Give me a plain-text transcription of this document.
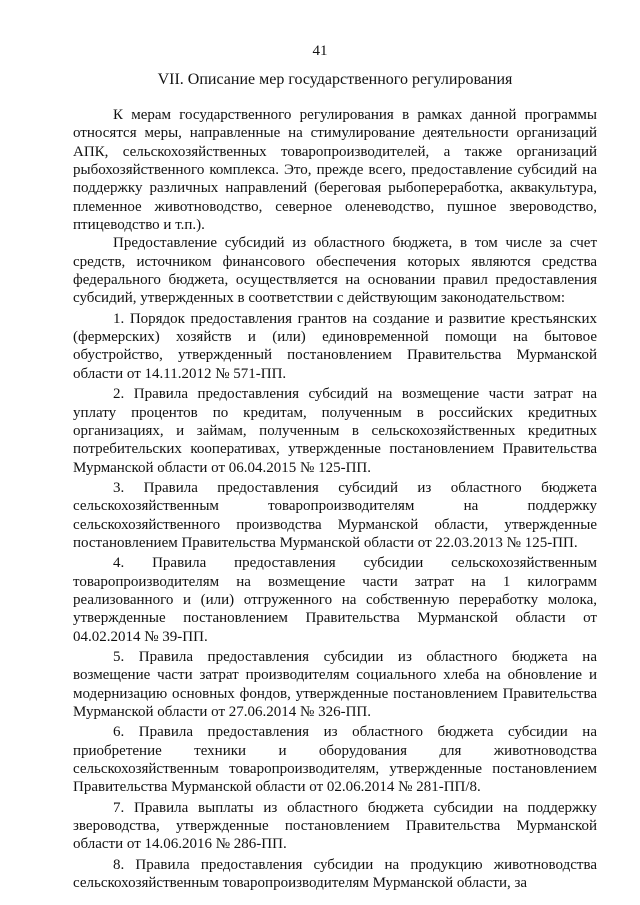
41
VII. Описание мер государственного регулирования

К мерам государственного регулирования в рамках данной программы относятся меры, направленные на стимулирование деятельности организаций АПК, сельскохозяйственных товаропроизводителей, а также организаций рыбохозяйственного комплекса. Это, прежде всего, предоставление субсидий на поддержку различных направлений (береговая рыбопереработка, аквакультура, племенное животноводство, северное оленеводство, пушное звероводство, птицеводство и т.п.).

Предоставление субсидий из областного бюджета, в том числе за счет средств, источником финансового обеспечения которых являются средства федерального бюджета, осуществляется на основании правил предоставления субсидий, утвержденных в соответствии с действующим законодательством:

1. Порядок предоставления грантов на создание и развитие крестьянских (фермерских) хозяйств и (или) единовременной помощи на бытовое обустройство, утвержденный постановлением Правительства Мурманской области от 14.11.2012 № 571-ПП.

2. Правила предоставления субсидий на возмещение части затрат на уплату процентов по кредитам, полученным в российских кредитных организациях, и займам, полученным в сельскохозяйственных кредитных потребительских кооперативах, утвержденные постановлением Правительства Мурманской области от 06.04.2015 № 125-ПП.

3. Правила предоставления субсидий из областного бюджета сельскохозяйственным товаропроизводителям на поддержку сельскохозяйственного производства Мурманской области, утвержденные постановлением Правительства Мурманской области от 22.03.2013 № 125-ПП.

4. Правила предоставления субсидии сельскохозяйственным товаропроизводителям на возмещение части затрат на 1 килограмм реализованного и (или) отгруженного на собственную переработку молока, утвержденные постановлением Правительства Мурманской области от 04.02.2014 № 39-ПП.

5. Правила предоставления субсидии из областного бюджета на возмещение части затрат производителям социального хлеба на обновление и модернизацию основных фондов, утвержденные постановлением Правительства Мурманской области от 27.06.2014 № 326-ПП.

6. Правила предоставления из областного бюджета субсидии на приобретение техники и оборудования для животноводства сельскохозяйственным товаропроизводителям, утвержденные постановлением Правительства Мурманской области от 02.06.2014 № 281-ПП/8.

7. Правила выплаты из областного бюджета субсидии на поддержку звероводства, утвержденные постановлением Правительства Мурманской области от 14.06.2016 № 286-ПП.

8. Правила предоставления субсидии на продукцию животноводства сельскохозяйственным товаропроизводителям Мурманской области, за
